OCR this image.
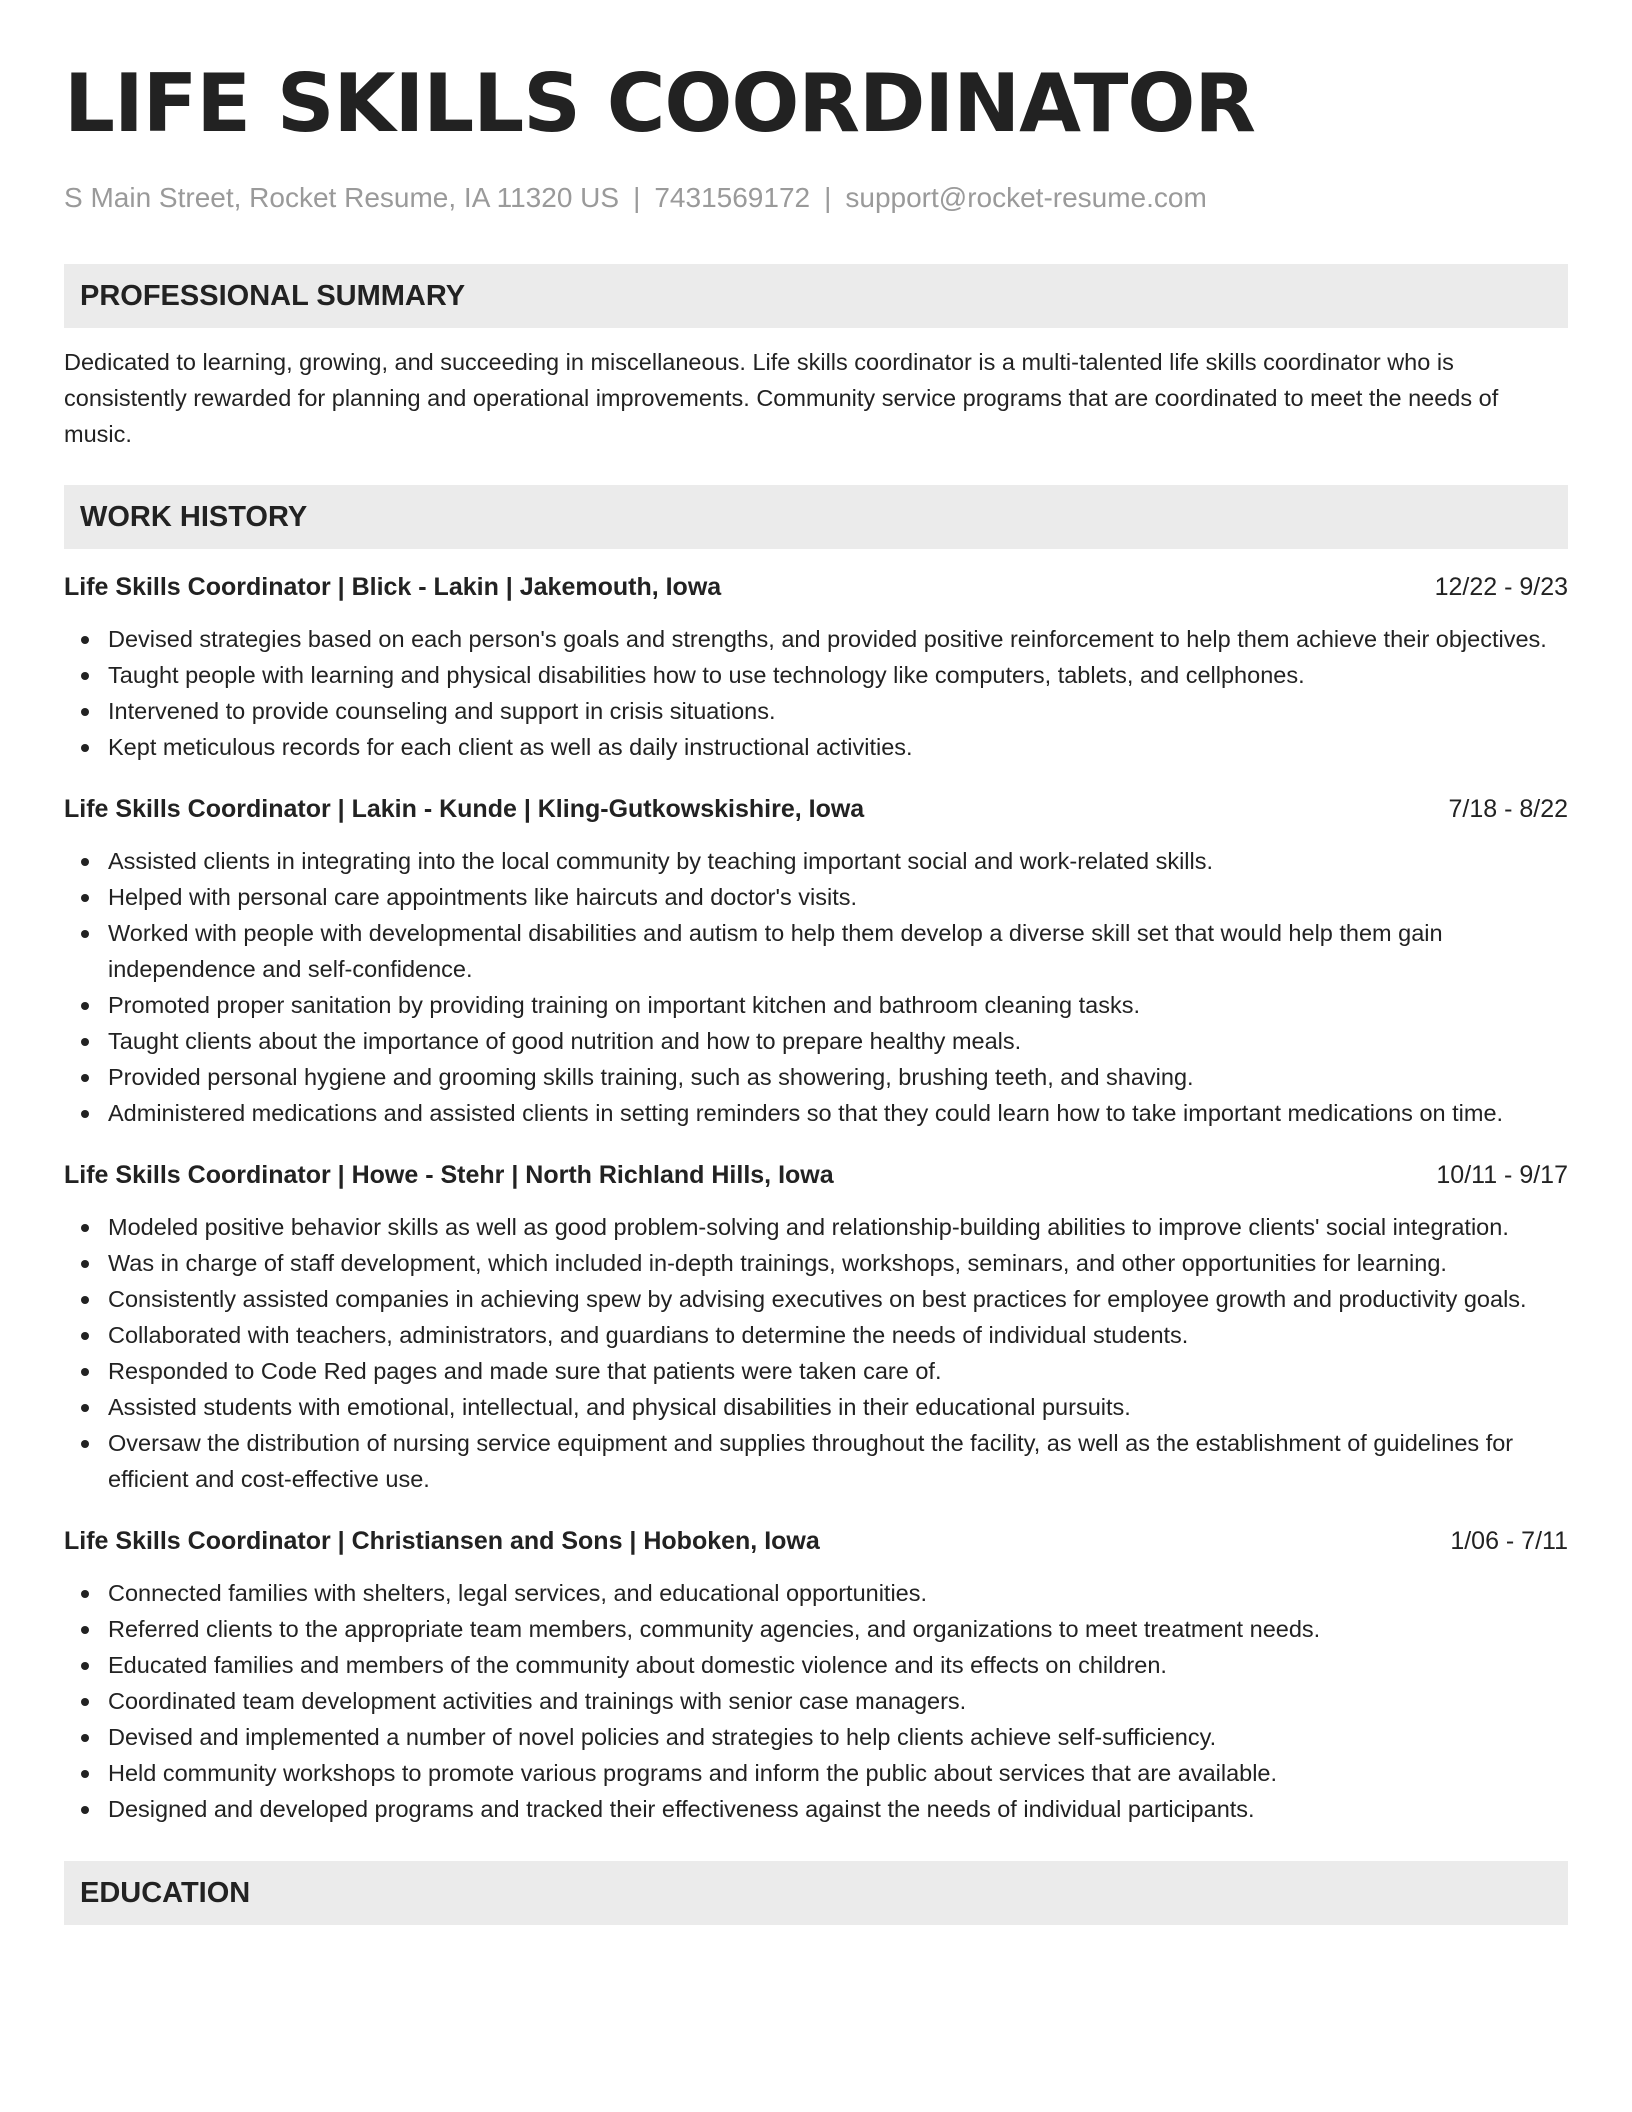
LIFE SKILLS COORDINATOR
S Main Street, Rocket Resume, IA 11320 US | 7431569172 | support@rocket-resume.com
PROFESSIONAL SUMMARY
Dedicated to learning, growing, and succeeding in miscellaneous. Life skills coordinator is a multi-talented life skills coordinator who is consistently rewarded for planning and operational improvements. Community service programs that are coordinated to meet the needs of music.
WORK HISTORY
Life Skills Coordinator | Blick - Lakin | Jakemouth, Iowa	12/22 - 9/23
Devised strategies based on each person's goals and strengths, and provided positive reinforcement to help them achieve their objectives.
Taught people with learning and physical disabilities how to use technology like computers, tablets, and cellphones.
Intervened to provide counseling and support in crisis situations.
Kept meticulous records for each client as well as daily instructional activities.
Life Skills Coordinator | Lakin - Kunde | Kling-Gutkowskishire, Iowa	7/18 - 8/22
Assisted clients in integrating into the local community by teaching important social and work-related skills.
Helped with personal care appointments like haircuts and doctor's visits.
Worked with people with developmental disabilities and autism to help them develop a diverse skill set that would help them gain independence and self-confidence.
Promoted proper sanitation by providing training on important kitchen and bathroom cleaning tasks.
Taught clients about the importance of good nutrition and how to prepare healthy meals.
Provided personal hygiene and grooming skills training, such as showering, brushing teeth, and shaving.
Administered medications and assisted clients in setting reminders so that they could learn how to take important medications on time.
Life Skills Coordinator | Howe - Stehr | North Richland Hills, Iowa	10/11 - 9/17
Modeled positive behavior skills as well as good problem-solving and relationship-building abilities to improve clients' social integration.
Was in charge of staff development, which included in-depth trainings, workshops, seminars, and other opportunities for learning.
Consistently assisted companies in achieving spew by advising executives on best practices for employee growth and productivity goals.
Collaborated with teachers, administrators, and guardians to determine the needs of individual students.
Responded to Code Red pages and made sure that patients were taken care of.
Assisted students with emotional, intellectual, and physical disabilities in their educational pursuits.
Oversaw the distribution of nursing service equipment and supplies throughout the facility, as well as the establishment of guidelines for efficient and cost-effective use.
Life Skills Coordinator | Christiansen and Sons | Hoboken, Iowa	1/06 - 7/11
Connected families with shelters, legal services, and educational opportunities.
Referred clients to the appropriate team members, community agencies, and organizations to meet treatment needs.
Educated families and members of the community about domestic violence and its effects on children.
Coordinated team development activities and trainings with senior case managers.
Devised and implemented a number of novel policies and strategies to help clients achieve self-sufficiency.
Held community workshops to promote various programs and inform the public about services that are available.
Designed and developed programs and tracked their effectiveness against the needs of individual participants.
EDUCATION
